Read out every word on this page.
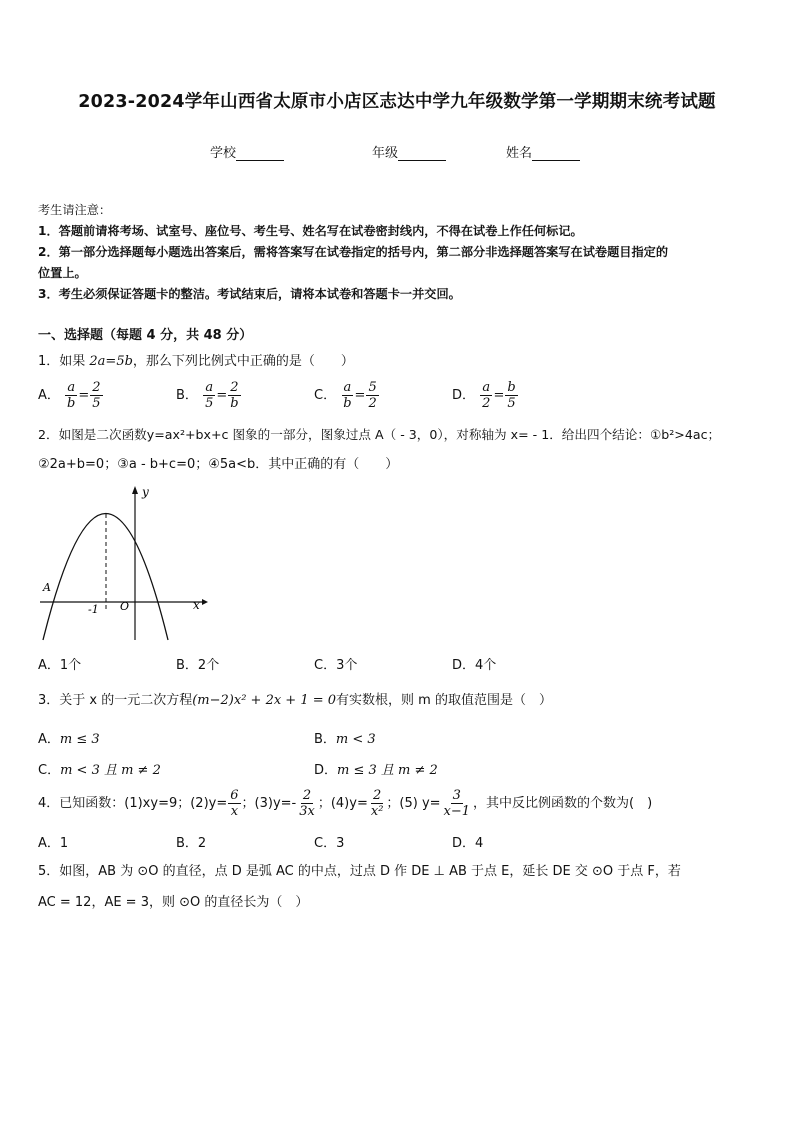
2023-2024学年山西省太原市小店区志达中学九年级数学第一学期期末统考试题
学校	年级	姓名
考生请注意：
1．答题前请将考场、试室号、座位号、考生号、姓名写在试卷密封线内，不得在试卷上作任何标记。
2．第一部分选择题每小题选出答案后，需将答案写在试卷指定的括号内，第二部分非选择题答案写在试卷题目指定的
位置上。
3．考生必须保证答题卡的整洁。考试结束后，请将本试卷和答题卡一并交回。
一、选择题（每题 4 分，共 48 分）
1．如果 2a=5b，那么下列比例式中正确的是（　　）
A． $\frac{a}{b} = \frac{2}{5}$	B． $\frac{a}{5} = \frac{2}{b}$	C． $\frac{a}{b} = \frac{5}{2}$	D． $\frac{a}{2} = \frac{b}{5}$
2．如图是二次函数y=ax²+bx+c 图象的一部分，图象过点 A（ - 3，0），对称轴为 x= - 1．给出四个结论：①b²>4ac；
②2a+b=0；③a - b+c=0；④5a<b．其中正确的有（　　）
y
x
A
O
-1
A．1个	B．2个	C．3个	D．4个
3．关于 x 的一元二次方程(m−2)x² + 2x + 1 = 0有实数根，则 m 的取值范围是（　）
A．m ≤ 3	B．m < 3
C．m < 3 且 m ≠ 2	D．m ≤ 3 且 m ≠ 2
4．已知函数：(1)xy=9；$(2)y= \frac{6}{x}$ ；$(3)y=- \frac{2}{3x}$ ；$(4)y= \frac{2}{\text{x²}}$ ；(5) $y= \frac{3}{x-1}$ ，其中反比例函数的个数为(　)
A．1	B．2	C．3	D．4
5．如图，AB 为 ⊙O 的直径，点 D 是弧 AC 的中点，过点 D 作 DE ⊥ AB 于点 E，延长 DE 交 ⊙O 于点 F，若
AC = 12，AE = 3，则 ⊙O 的直径长为（　）
